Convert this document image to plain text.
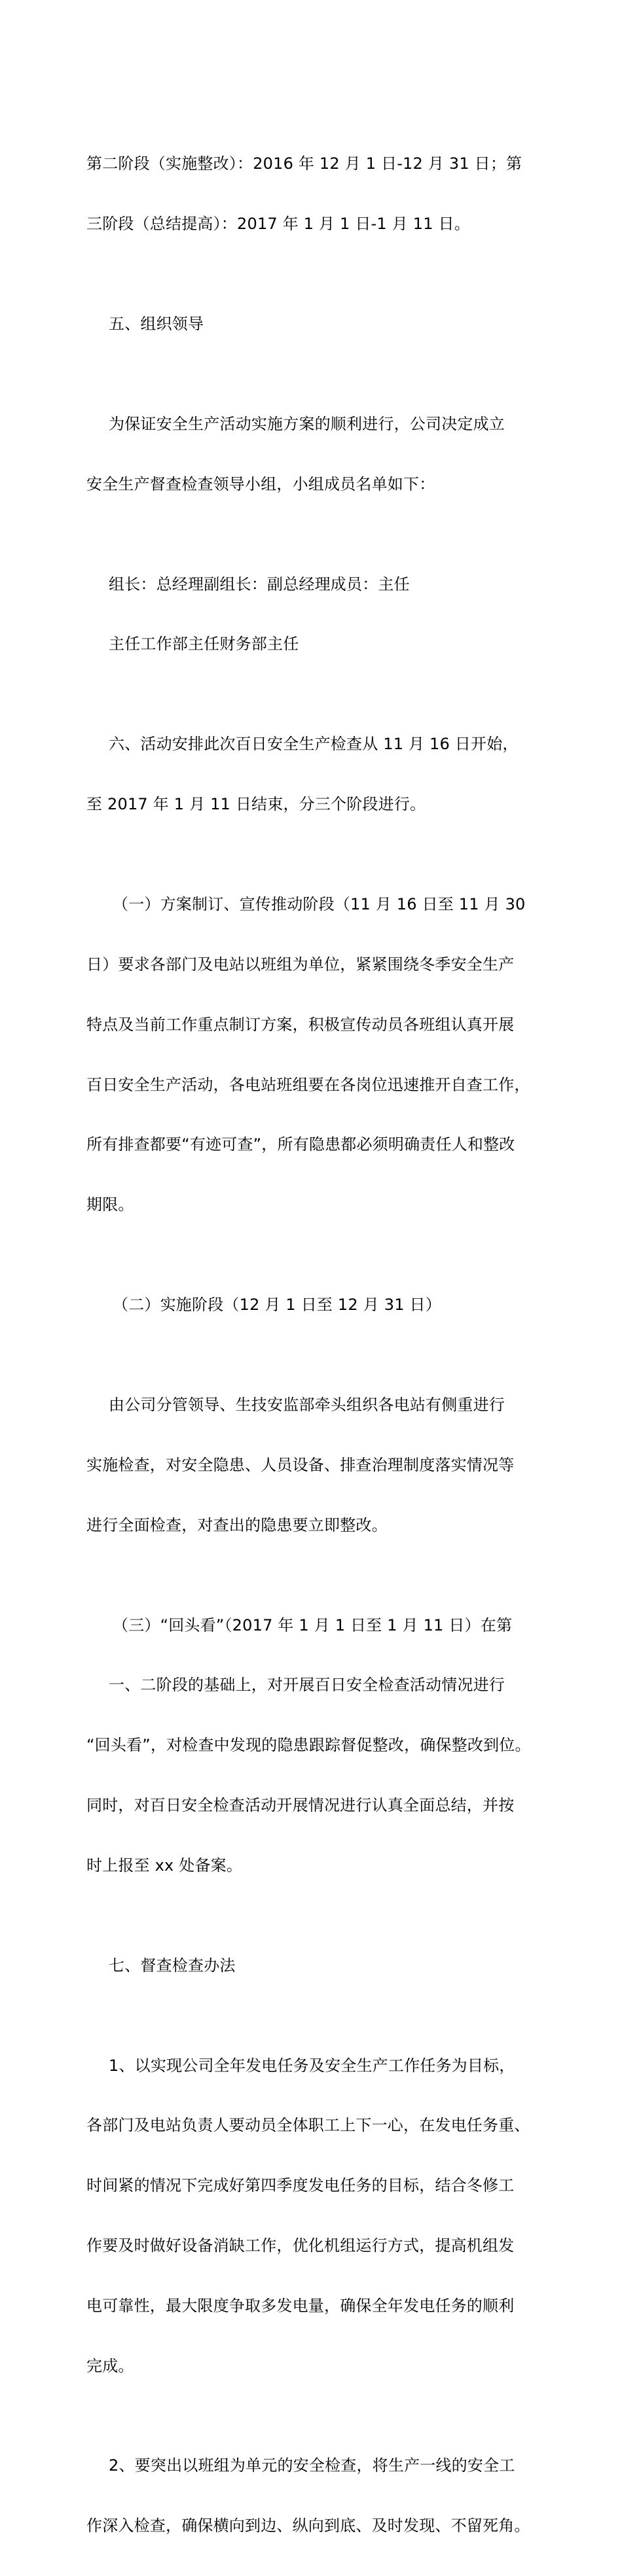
第二阶段（实施整改）：2016 年 12 月 1 日-12 月 31 日；第

三阶段（总结提高）：2017 年 1 月 1 日-1 月 11 日。

五、组织领导

为保证安全生产活动实施方案的顺利进行，公司决定成立

安全生产督查检查领导小组，小组成员名单如下：

组长：总经理副组长：副总经理成员：主任

主任工作部主任财务部主任

六、活动安排此次百日安全生产检查从 11 月 16 日开始，

至 2017 年 1 月 11 日结束，分三个阶段进行。

（一）方案制订、宣传推动阶段（11 月 16 日至 11 月 30

日）要求各部门及电站以班组为单位，紧紧围绕冬季安全生产

特点及当前工作重点制订方案，积极宣传动员各班组认真开展

百日安全生产活动，各电站班组要在各岗位迅速推开自查工作，

所有排查都要“有迹可查”，所有隐患都必须明确责任人和整改

期限。

（二）实施阶段（12 月 1 日至 12 月 31 日）

由公司分管领导、生技安监部牵头组织各电站有侧重进行

实施检查，对安全隐患、人员设备、排查治理制度落实情况等

进行全面检查，对查出的隐患要立即整改。

（三）“回头看”（2017 年 1 月 1 日至 1 月 11 日）在第

一、二阶段的基础上，对开展百日安全检查活动情况进行

“回头看”，对检查中发现的隐患跟踪督促整改，确保整改到位。

同时，对百日安全检查活动开展情况进行认真全面总结，并按

时上报至 xx 处备案。

七、督查检查办法

1、以实现公司全年发电任务及安全生产工作任务为目标，

各部门及电站负责人要动员全体职工上下一心，在发电任务重、

时间紧的情况下完成好第四季度发电任务的目标，结合冬修工

作要及时做好设备消缺工作，优化机组运行方式，提高机组发

电可靠性，最大限度争取多发电量，确保全年发电任务的顺利

完成。

2、要突出以班组为单元的安全检查，将生产一线的安全工

作深入检查，确保横向到边、纵向到底、及时发现、不留死角。
